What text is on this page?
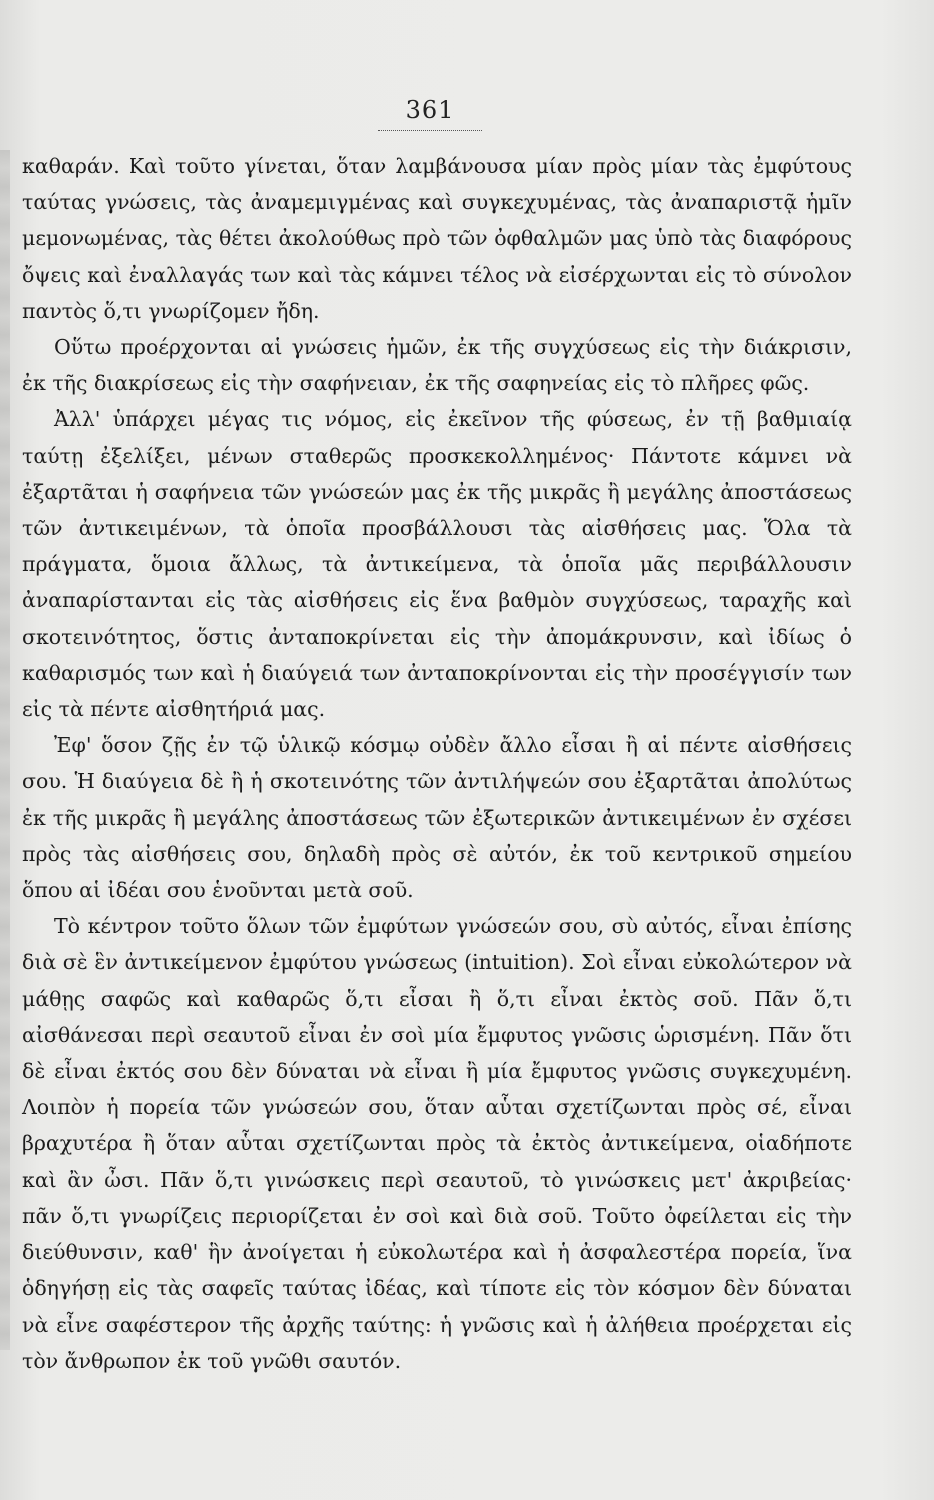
361

καθαράν. Καὶ τοῦτο γίνεται, ὅταν λαμβάνουσα μίαν πρὸς μίαν τὰς ἐμφύτους ταύτας γνώσεις, τὰς ἀναμεμιγμένας καὶ συγκεχυμένας, τὰς ἀναπαριστᾷ ἡμῖν μεμονωμένας, τὰς θέτει ἀκολούθως πρὸ τῶν ὀφθαλμῶν μας ὑπὸ τὰς διαφόρους ὄψεις καὶ ἐναλλαγάς των καὶ τὰς κάμνει τέλος νὰ εἰσέρχωνται εἰς τὸ σύνολον παντὸς ὅ,τι γνωρίζομεν ἤδη.

Οὕτω προέρχονται αἱ γνώσεις ἡμῶν, ἐκ τῆς συγχύσεως εἰς τὴν διάκρισιν, ἐκ τῆς διακρίσεως εἰς τὴν σαφήνειαν, ἐκ τῆς σαφηνείας εἰς τὸ πλῆρες φῶς.

Ἀλλ' ὑπάρχει μέγας τις νόμος, εἰς ἐκεῖνον τῆς φύσεως, ἐν τῇ βαθμιαίᾳ ταύτῃ ἐξελίξει, μένων σταθερῶς προσκεκολλημένος· Πάντοτε κάμνει νὰ ἐξαρτᾶται ἡ σαφήνεια τῶν γνώσεών μας ἐκ τῆς μικρᾶς ἢ μεγάλης ἀποστάσεως τῶν ἀντικειμένων, τὰ ὁποῖα προσβάλλουσι τὰς αἰσθήσεις μας. Ὅλα τὰ πράγματα, ὅμοια ἄλλως, τὰ ἀντικείμενα, τὰ ὁποῖα μᾶς περιβάλλουσιν ἀναπαρίστανται εἰς τὰς αἰσθήσεις εἰς ἕνα βαθμὸν συγχύσεως, ταραχῆς καὶ σκοτεινότητος, ὅστις ἀνταποκρίνεται εἰς τὴν ἀπομάκρυνσιν, καὶ ἰδίως ὁ καθαρισμός των καὶ ἡ διαύγειά των ἀνταποκρίνονται εἰς τὴν προσέγγισίν των εἰς τὰ πέντε αἰσθητήριά μας.

Ἐφ' ὅσον ζῇς ἐν τῷ ὑλικῷ κόσμῳ οὐδὲν ἄλλο εἶσαι ἢ αἱ πέντε αἰσθήσεις σου. Ἡ διαύγεια δὲ ἢ ἡ σκοτεινότης τῶν ἀντιλήψεών σου ἐξαρτᾶται ἀπολύτως ἐκ τῆς μικρᾶς ἢ μεγάλης ἀποστάσεως τῶν ἐξωτερικῶν ἀντικειμένων ἐν σχέσει πρὸς τὰς αἰσθήσεις σου, δηλαδὴ πρὸς σὲ αὐτόν, ἐκ τοῦ κεντρικοῦ σημείου ὅπου αἱ ἰδέαι σου ἑνοῦνται μετὰ σοῦ.

Τὸ κέντρον τοῦτο ὅλων τῶν ἐμφύτων γνώσεών σου, σὺ αὐτός, εἶναι ἐπίσης διὰ σὲ ἓν ἀντικείμενον ἐμφύτου γνώσεως (intuition). Σοὶ εἶναι εὐκολώτερον νὰ μάθῃς σαφῶς καὶ καθαρῶς ὅ,τι εἶσαι ἢ ὅ,τι εἶναι ἐκτὸς σοῦ. Πᾶν ὅ,τι αἰσθάνεσαι περὶ σεαυτοῦ εἶναι ἐν σοὶ μία ἔμφυτος γνῶσις ὡρισμένη. Πᾶν ὅτι δὲ εἶναι ἐκτός σου δὲν δύναται νὰ εἶναι ἢ μία ἔμφυτος γνῶσις συγκεχυμένη. Λοιπὸν ἡ πορεία τῶν γνώσεών σου, ὅταν αὗται σχετίζωνται πρὸς σέ, εἶναι βραχυτέρα ἢ ὅταν αὗται σχετίζωνται πρὸς τὰ ἐκτὸς ἀντικείμενα, οἱαδήποτε καὶ ἂν ὦσι. Πᾶν ὅ,τι γινώσκεις περὶ σεαυτοῦ, τὸ γινώσκεις μετ' ἀκριβείας· πᾶν ὅ,τι γνωρίζεις περιορίζεται ἐν σοὶ καὶ διὰ σοῦ. Τοῦτο ὀφείλεται εἰς τὴν διεύθυνσιν, καθ' ἣν ἀνοίγεται ἡ εὐκολωτέρα καὶ ἡ ἀσφαλεστέρα πορεία, ἵνα ὁδηγήσῃ εἰς τὰς σαφεῖς ταύτας ἰδέας, καὶ τίποτε εἰς τὸν κόσμον δὲν δύναται νὰ εἶνε σαφέστερον τῆς ἀρχῆς ταύτης: ἡ γνῶσις καὶ ἡ ἀλήθεια προέρχεται εἰς τὸν ἄνθρωπον ἐκ τοῦ γνῶθι σαυτόν.
